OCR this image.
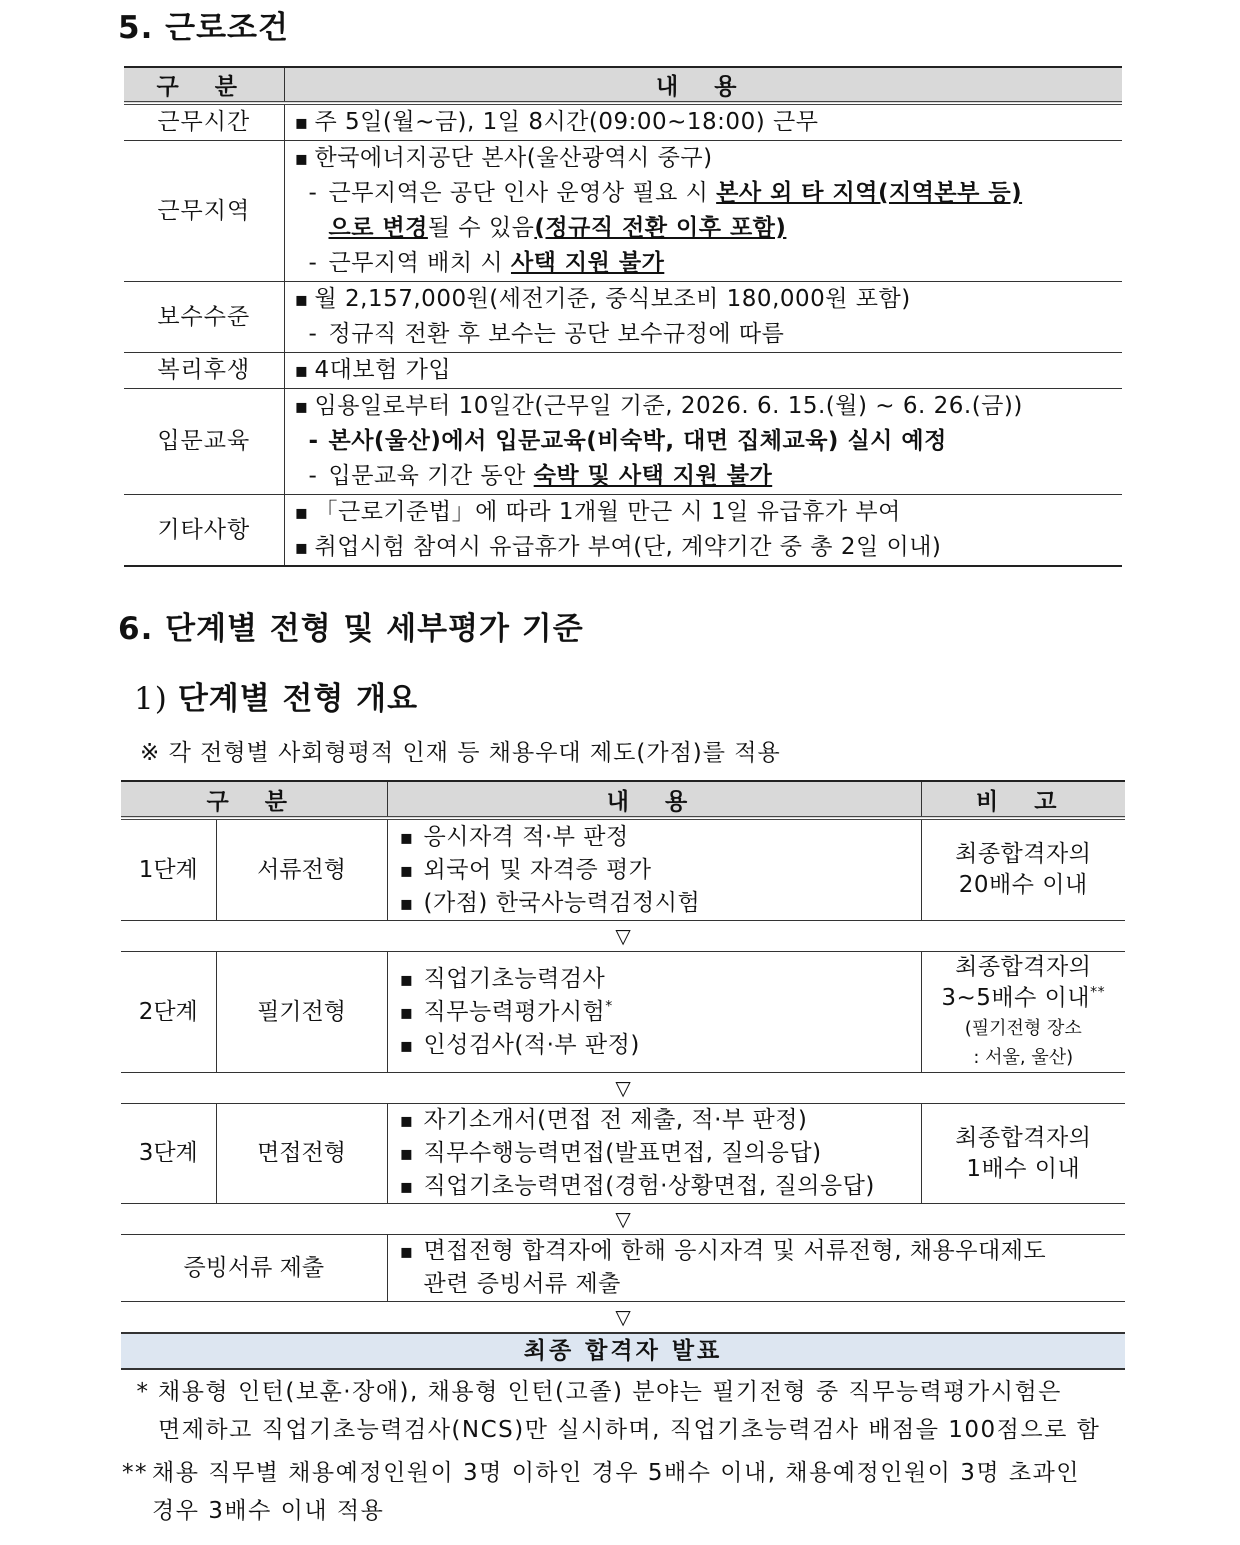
5. 근로조건
구 분	내 용
근무시간	▪ 주 5일(월~금), 1일 8시간(09:00~18:00) 근무

근무지역	▪ 한국에너지공단 본사(울산광역시 중구)
- 근무지역은 공단 인사 운영상 필요 시 본사 외 타 지역(지역본부 등)
으로 변경될 수 있음(정규직 전환 이후 포함)
- 근무지역 배치 시 사택 지원 불가

보수수준	▪ 월 2,157,000원(세전기준, 중식보조비 180,000원 포함)
- 정규직 전환 후 보수는 공단 보수규정에 따름

복리후생	▪ 4대보험 가입

입문교육	▪ 임용일로부터 10일간(근무일 기준, 2026. 6. 15.(월) ~ 6. 26.(금))
- 본사(울산)에서 입문교육(비숙박, 대면 집체교육) 실시 예정
- 입문교육 기간 동안 숙박 및 사택 지원 불가

기타사항	▪ 「근로기준법」에 따라 1개월 만근 시 1일 유급휴가 부여
▪ 취업시험 참여시 유급휴가 부여(단, 계약기간 중 총 2일 이내)
6. 단계별 전형 및 세부평가 기준
1) 단계별 전형 개요
※ 각 전형별 사회형평적 인재 등 채용우대 제도(가점)를 적용
구 분		내 용	비 고
1단계	서류전형	▪ 응시자격 적·부 판정
▪ 외국어 및 자격증 평가
▪ (가점) 한국사능력검정시험	최종합격자의
20배수 이내

▽			
2단계	필기전형	▪ 직업기초능력검사
▪ 직무능력평가시험*
▪ 인성검사(적·부 판정)	최종합격자의
3~5배수 이내**
(필기전형 장소
: 서울, 울산)

▽			
3단계	면접전형	▪ 자기소개서(면접 전 제출, 적·부 판정)
▪ 직무수행능력면접(발표면접, 질의응답)
▪ 직업기초능력면접(경험·상황면접, 질의응답)	최종합격자의
1배수 이내

▽			
증빙서류 제출		▪ 면접전형 합격자에 한해 응시자격 및 서류전형, 채용우대제도
관련 증빙서류 제출

▽			
최종 합격자 발표			
* 채용형 인턴(보훈·장애), 채용형 인턴(고졸) 분야는 필기전형 중 직무능력평가시험은
면제하고 직업기초능력검사(NCS)만 실시하며, 직업기초능력검사 배점을 100점으로 함
** 채용 직무별 채용예정인원이 3명 이하인 경우 5배수 이내, 채용예정인원이 3명 초과인
경우 3배수 이내 적용
